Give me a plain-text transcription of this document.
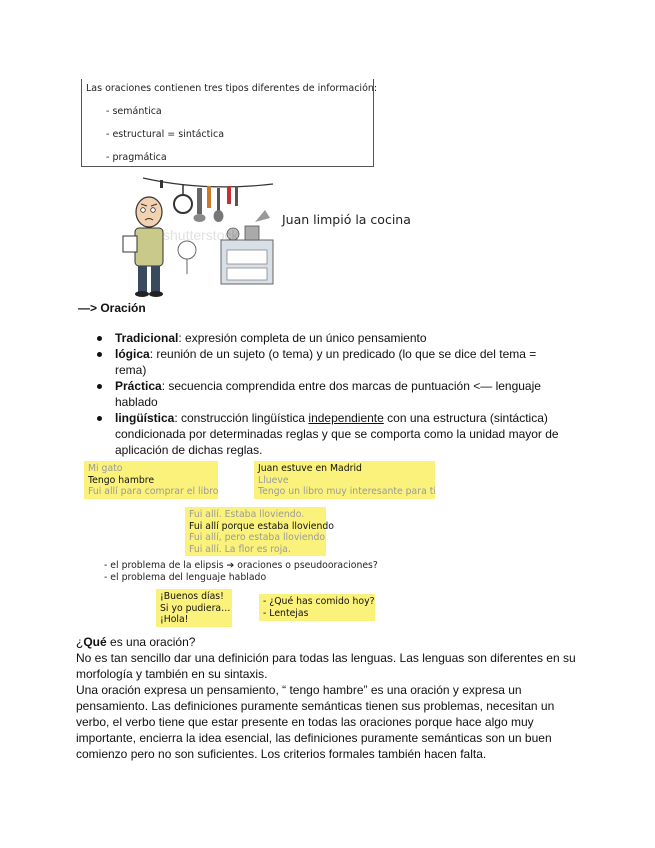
Las oraciones contienen tres tipos diferentes de información:
- semántica
- estructural = sintáctica
- pragmática
shutterstock
Juan limpió la cocina
—> Oración
Tradicional: expresión completa de un único pensamiento
lógica: reunión de un sujeto (o tema) y un predicado (lo que se dice del tema = rema)
Práctica: secuencia comprendida entre dos marcas de puntuación <— lenguaje hablado
lingüística: construcción lingüística independiente con una estructura (sintáctica) condicionada por determinadas reglas y que se comporta como la unidad mayor de aplicación de dichas reglas.
Mi gato
Tengo hambre
Fui allí para comprar el libro
Juan estuve en Madrid
Llueve
Tengo un libro muy interesante para ti
Fui allí. Estaba lloviendo.
Fui allí porque estaba lloviendo
Fui allí, pero estaba lloviendo
Fui allí. La flor es roja.
- el problema de la elipsis ➔ oraciones o pseudooraciones?
- el problema del lenguaje hablado
¡Buenos días!
Si yo pudiera…
¡Hola!
- ¿Qué has comido hoy?
- Lentejas

¿Qué es una oración?

No es tan sencillo dar una definición para todas las lenguas. Las lenguas son diferentes en su morfología y también en su sintaxis.

Una oración expresa un pensamiento, “ tengo hambre” es una oración y expresa un pensamiento. Las definiciones puramente semánticas tienen sus problemas, necesitan un verbo, el verbo tiene que estar presente en todas las oraciones porque hace algo muy importante, encierra la idea esencial, las definiciones puramente semánticas son un buen comienzo pero no son suficientes. Los criterios formales también hacen falta.
